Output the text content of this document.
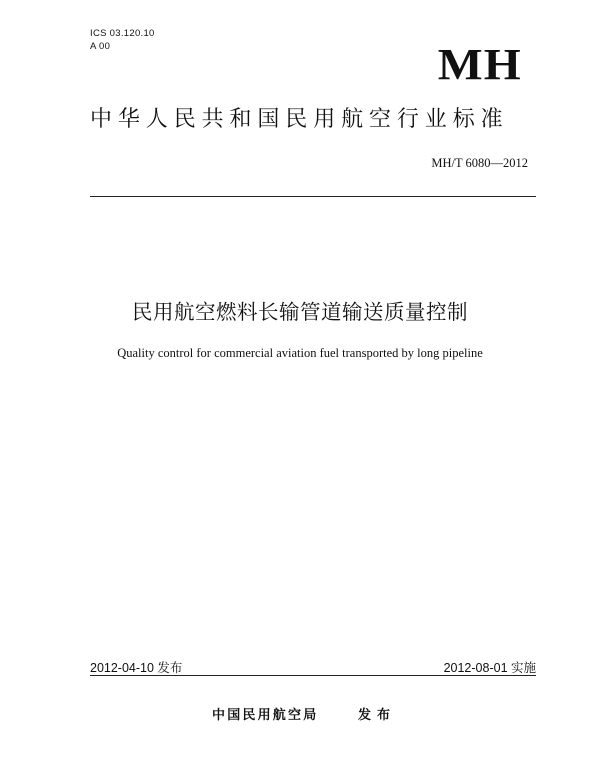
ICS 03.120.10
A 00	MH
中华人民共和国民用航空行业标准
MH/T 6080—2012
民用航空燃料长输管道输送质量控制
Quality control for commercial aviation fuel transported by long pipeline
2012-04-10 发布	2012-08-01 实施
中国民用航空局	发布
